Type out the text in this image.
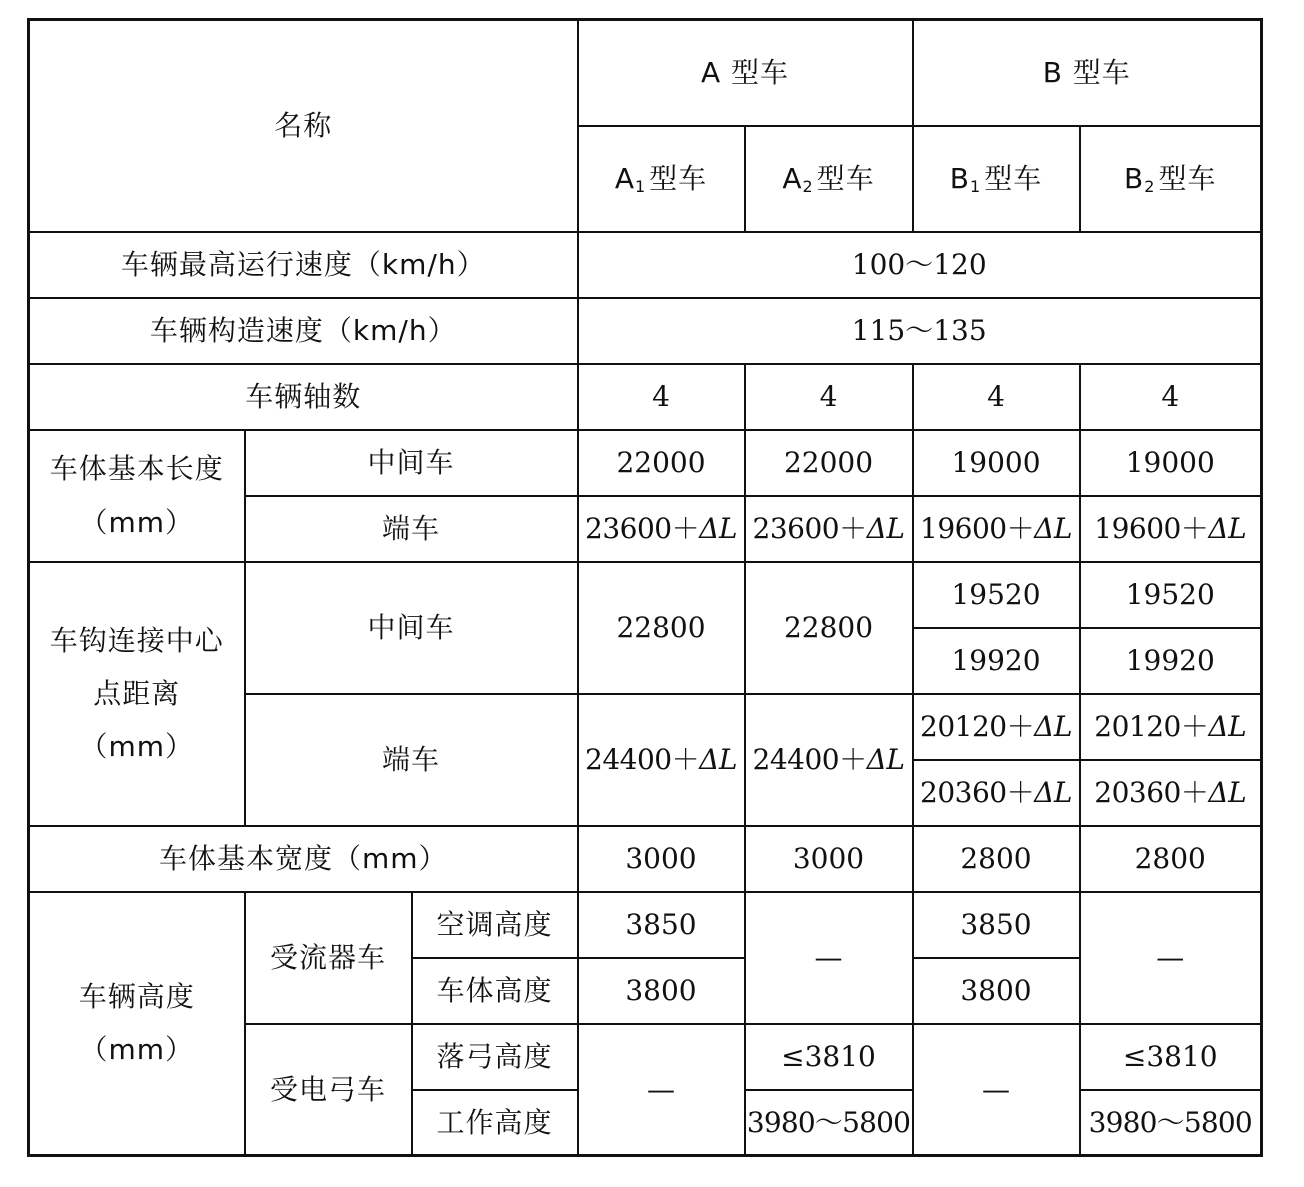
名称			A 型车		B 型车	
			$A_1$ 型车	$A_2$ 型车	$B_1$ 型车	$B_2$ 型车
车辆最高运行速度（km/h）			100～120			
车辆构造速度（km/h）			115～135			
车辆轴数			4	4	4	4
车体基本长度（mm）	中间车		22000	22000	19000	19000
	端车		23600＋ΔL	23600＋ΔL	19600＋ΔL	19600＋ΔL
车钩连接中心点距离（mm）	中间车		22800	22800	19520	19520
					19920	19920
	端车		24400＋ΔL	24400＋ΔL	20120＋ΔL	20120＋ΔL
					20360＋ΔL	20360＋ΔL
车体基本宽度（mm）			3000	3000	2800	2800
车辆高度（mm）	受流器车	空调高度	3850	—	3850	—
		车体高度	3800		3800	
	受电弓车	落弓高度	—	≤3810	—	≤3810
		工作高度		3980～5800		3980～5800
